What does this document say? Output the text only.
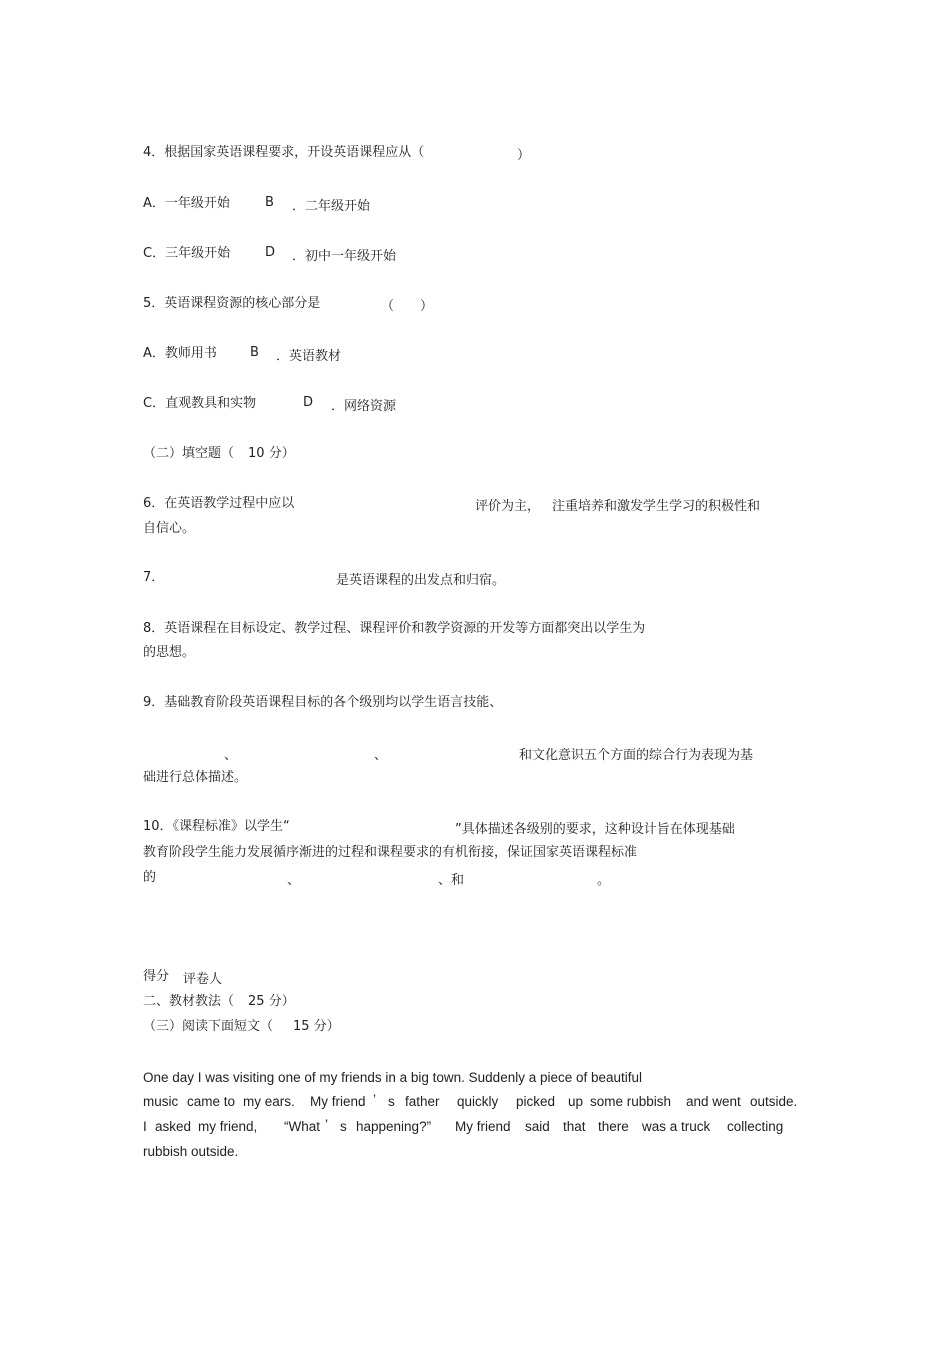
4．根据国家英语课程要求，开设英语课程应从（	）
A．一年级开始	B ．二年级开始
C．三年级开始	D ．初中一年级开始
5．英语课程资源的核心部分是	（　　）
A．教师用书	B ．英语教材
C．直观教具和实物	D ．网络资源
（二）填空题（ 10 分）
6．在英语教学过程中应以	评价为主， 注重培养和激发学生学习的积极性和
自信心。
7．	是英语课程的出发点和归宿。
8．英语课程在目标设定、教学过程、课程评价和教学资源的开发等方面都突出以学生为
的思想。
9．基础教育阶段英语课程目标的各个级别均以学生语言技能、
、	、	和文化意识五个方面的综合行为表现为基
础进行总体描述。
10．《课程标准》以学生“	”具体描述各级别的要求，这种设计旨在体现基础
教育阶段学生能力发展循序渐进的过程和课程要求的有机衔接，保证国家英语课程标准
的	、	、和	。
得分 评卷人
二、教材教法（ 25 分）
（三）阅读下面短文（ 15 分）
One day I was visiting one of my friends in a big town. Suddenly a piece of beautiful
music came to my ears. My friend ’ s father quickly picked up some rubbish and went outside.
I asked my friend, “What ’ s happening?” My friend said that there was a truck collecting
rubbish outside.
